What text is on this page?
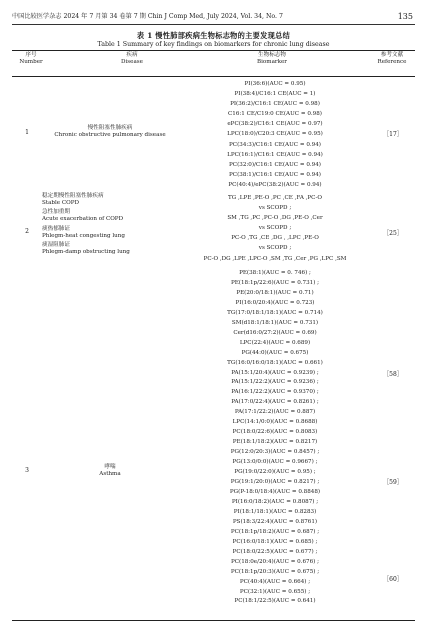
中国比较医学杂志 2024 年 7 月第 34 卷第 7 期 Chin J Comp Med, July 2024, Vol. 34, No. 7	135
表 1 慢性肺部疾病生物标志物的主要发现总结
Table 1 Summary of key findings on biomarkers for chronic lung disease
序号
Number
疾病
Disease
生物标志物
Biomarker
参考文献
Reference
1
慢性阻塞性肺疾病
Chronic obstructive pulmonary disease
PI(36:6)(AUC = 0.95)
PI(38:4)/C16:1 CE(AUC = 1)
PI(36:2)/C16:1 CE(AUC = 0.98)
C16:1 CE/C19:0 CE(AUC = 0.98)
ePC(38:2)/C16:1 CE(AUC = 0.97)
LPC(18:0)/C20:3 CE(AUC = 0.95)
PC(34:3)/C16:1 CE(AUC = 0.94)
LPC(16:1)/C16:1 CE(AUC = 0.94)
PC(32:0)/C16:1 CE(AUC = 0.94)
PC(38:1)/C16:1 CE(AUC = 0.94)
PC(40:4)/ePC(38:2)(AUC = 0.94)
［17］
2
稳定期慢性阻塞性肺疾病
Stable COPD
急性加重期
Acute exacerbation of COPD
痰热郁肺证
Phlegm-heat congesting lung
痰湿阻肺证
Phlegm-damp obstructing lung
TG ,LPE ,PE-O ,PC ,CE ,FA ,PC-O
vs SCOPD ;
SM ,TG ,PC ,PC-O ,DG ,PE-O ,Cer
vs SCOPD ;
PC-O ,TG ,CE ,DG , ,LPC ,PE-O
vs SCOPD ;
PC-O ,DG ,LPE ,LPC-O ,SM ,TG ,Cer ,PG ,LPC ,SM
［25］
3	哮喘
Asthma
PE(38:1)(AUC = 0. 746) ;
PE(18:1p/22:6)(AUC = 0.731) ;
PE(20:0/18:1)(AUC = 0.71)
PI(16:0/20:4)(AUC = 0.723)
TG(17:0/18:1/18:1)(AUC = 0.714)
SM(d18:1/18:1)(AUC = 0.731)
Cer(d16:0/27:2)(AUC = 0.69)
LPC(22:4)(AUC = 0.689)
PG(44:0)(AUC = 0.675)
TG(16:0/16:0/18:1)(AUC = 0.661)
PA(15:1/20:4)(AUC = 0.9239) ;
PA(15:1/22:2)(AUC = 0.9236) ;
PA(16:1/22:2)(AUC = 0.9370) ;
PA(17:0/22:4)(AUC = 0.8261) ;
PA(17:1/22:2)(AUC = 0.887)
LPC(14:1/0:0)(AUC = 0.8688)
PC(18:0/22:6)(AUC = 0.8083)
PE(18:1/18:2)(AUC = 0.8217)
PG(12:0/20:3)(AUC = 0.8457) ;
PG(13:0/0:0)(AUC = 0.9667) ;
PG(19:0/22:0)(AUC = 0.95) ;
PG(19:1/20:0)(AUC = 0.8217) ;
PG(P-18:0/18:4)(AUC = 0.8848)
PI(16:0/18:2)(AUC = 0.8087) ;
PI(18:1/18:1)(AUC = 0.8283)
PS(18:3/22:4)(AUC = 0.8761)
PC(18:1p/18:2)(AUC = 0.687) ;
PC(16:0/18:1)(AUC = 0.685) ;
PC(18:0/22:5)(AUC = 0.677) ;
PC(18:0e/20:4)(AUC = 0.676) ;
PC(18:1p/20:3)(AUC = 0.675) ;
PC(40:4)(AUC = 0.664) ;
PC(32:1)(AUC = 0.655) ;
PC(18:1/22:5)(AUC = 0.641)
［58］
［59］
［60］
